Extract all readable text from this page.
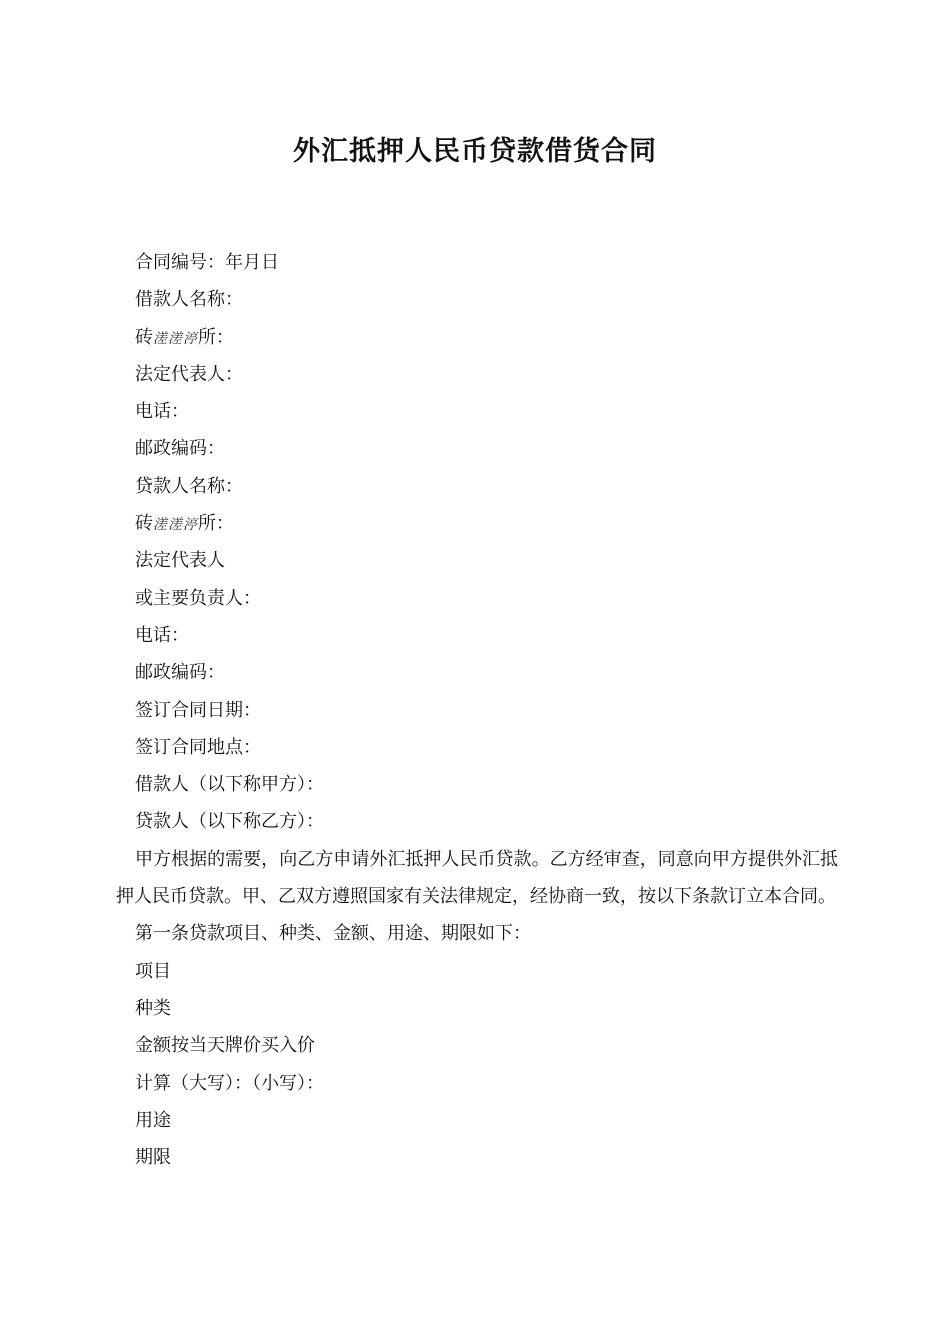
外汇抵押人民币贷款借货合同
合同编号：年月日
借款人名称：
砖溠溠渟所：
法定代表人：
电话：
邮政编码：
贷款人名称：
砖溠溠渟所：
法定代表人
或主要负责人：
电话：
邮政编码：
签订合同日期：
签订合同地点：
借款人（以下称甲方）：
贷款人（以下称乙方）：
甲方根据的需要，向乙方申请外汇抵押人民币贷款。乙方经审查，同意向甲方提供外汇抵押人民币贷款。甲、乙双方遵照国家有关法律规定，经协商一致，按以下条款订立本合同。
第一条贷款项目、种类、金额、用途、期限如下：
项目
种类
金额按当天牌价买入价
计算（大写）：（小写）：
用途
期限
